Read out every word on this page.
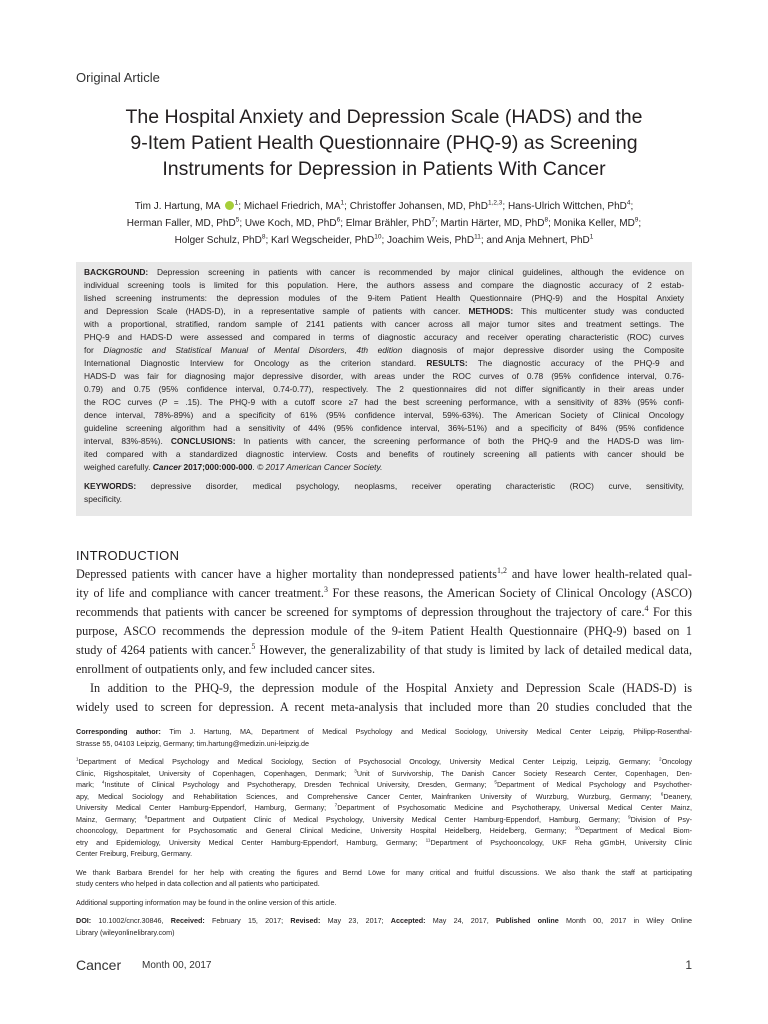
Original Article
The Hospital Anxiety and Depression Scale (HADS) and the
9-Item Patient Health Questionnaire (PHQ-9) as Screening
Instruments for Depression in Patients With Cancer
Tim J. Hartung, MA $^1$; Michael Friedrich, $MA^1$; Christoffer Johansen, MD, PhD$^{1,2,3}$; Hans-Ulrich Wittchen, PhD$^4$;
Herman Faller, MD, PhD$^5$; Uwe Koch, MD, PhD$^6$; Elmar Brähler, PhD$^7$; Martin Härter, MD, PhD$^8$; Monika Keller, $MD^9$;
Holger Schulz, PhD$^8$; Karl Wegscheider, PhD$^{10}$; Joachim Weis, PhD$^{11}$; and Anja Mehnert, PhD$^1$
BACKGROUND: Depression screening in patients with cancer is recommended by major clinical guidelines, although the evidence on
individual screening tools is limited for this population. Here, the authors assess and compare the diagnostic accuracy of 2 estab-
lished screening instruments: the depression modules of the 9-item Patient Health Questionnaire (PHQ-9) and the Hospital Anxiety
and Depression Scale (HADS-D), in a representative sample of patients with cancer. METHODS: This multicenter study was conducted
with a proportional, stratified, random sample of 2141 patients with cancer across all major tumor sites and treatment settings. The
PHQ-9 and HADS-D were assessed and compared in terms of diagnostic accuracy and receiver operating characteristic (ROC) curves
for Diagnostic and Statistical Manual of Mental Disorders, 4th edition diagnosis of major depressive disorder using the Composite
International Diagnostic Interview for Oncology as the criterion standard. RESULTS: The diagnostic accuracy of the PHQ-9 and
HADS-D was fair for diagnosing major depressive disorder, with areas under the ROC curves of 0.78 (95% confidence interval, 0.76-
0.79) and 0.75 (95% confidence interval, 0.74-0.77), respectively. The 2 questionnaires did not differ significantly in their areas under
the ROC curves (P = .15). The PHQ-9 with a cutoff score ≥7 had the best screening performance, with a sensitivity of 83% (95% confi-
dence interval, 78%-89%) and a specificity of 61% (95% confidence interval, 59%-63%). The American Society of Clinical Oncology
guideline screening algorithm had a sensitivity of 44% (95% confidence interval, 36%-51%) and a specificity of 84% (95% confidence
interval, 83%-85%). CONCLUSIONS: In patients with cancer, the screening performance of both the PHQ-9 and the HADS-D was lim-
ited compared with a standardized diagnostic interview. Costs and benefits of routinely screening all patients with cancer should be
weighed carefully. Cancer 2017;000:000-000. © 2017 American Cancer Society.
KEYWORDS: depressive disorder, medical psychology, neoplasms, receiver operating characteristic (ROC) curve, sensitivity,
specificity.
INTRODUCTION
Depressed patients with cancer have a higher mortality than nondepressed patients$^{1,2}$ and have lower health-related qual-
ity of life and compliance with cancer treatment.$^3$ For these reasons, the American Society of Clinical Oncology (ASCO)
recommends that patients with cancer be screened for symptoms of depression throughout the trajectory of care.$^4$ For this
purpose, ASCO recommends the depression module of the 9-item Patient Health Questionnaire (PHQ-9) based on 1
study of 4264 patients with cancer.$^5$ However, the generalizability of that study is limited by lack of detailed medical data,
enrollment of outpatients only, and few included cancer sites.
In addition to the PHQ-9, the depression module of the Hospital Anxiety and Depression Scale (HADS-D) is
widely used to screen for depression. A recent meta-analysis that included more than 20 studies concluded that the
Corresponding author: Tim J. Hartung, MA, Department of Medical Psychology and Medical Sociology, University Medical Center Leipzig, Philipp-Rosenthal-
Strasse 55, 04103 Leipzig, Germany; tim.hartung@medizin.uni-leipzig.de
$^1$Department of Medical Psychology and Medical Sociology, Section of Psychosocial Oncology, University Medical Center Leipzig, Leipzig, Germany; $^2$Oncology
Clinic, Rigshospitalet, University of Copenhagen, Copenhagen, Denmark; $^3$Unit of Survivorship, The Danish Cancer Society Research Center, Copenhagen, Den-
mark; $^4$Institute of Clinical Psychology and Psychotherapy, Dresden Technical University, Dresden, Germany; $^5$Department of Medical Psychology and Psychother-
apy, Medical Sociology and Rehabilitation Sciences, and Comprehensive Cancer Center, Mainfranken University of Wurzburg, Wurzburg, Germany; $^6$Deanery,
University Medical Center Hamburg-Eppendorf, Hamburg, Germany; $^7$Department of Psychosomatic Medicine and Psychotherapy, Universal Medical Center Mainz,
Mainz, Germany; $^8$Department and Outpatient Clinic of Medical Psychology, University Medical Center Hamburg-Eppendorf, Hamburg, Germany; $^9$Division of Psy-
chooncology, Department for Psychosomatic and General Clinical Medicine, University Hospital Heidelberg, Heidelberg, Germany; $^{10}$Department of Medical Biom-
etry and Epidemiology, University Medical Center Hamburg-Eppendorf, Hamburg, Germany; $^{11}$Department of Psychooncology, UKF Reha gGmbH, University Clinic
Center Freiburg, Freiburg, Germany.
We thank Barbara Brendel for her help with creating the figures and Bernd Löwe for many critical and fruitful discussions. We also thank the staff at participating
study centers who helped in data collection and all patients who participated.
Additional supporting information may be found in the online version of this article.
DOI: 10.1002/cncr.30846, Received: February 15, 2017; Revised: May 23, 2017; Accepted: May 24, 2017, Published online Month 00, 2017 in Wiley Online
Library (wileyonlinelibrary.com)
Cancer Month 00, 2017	1
